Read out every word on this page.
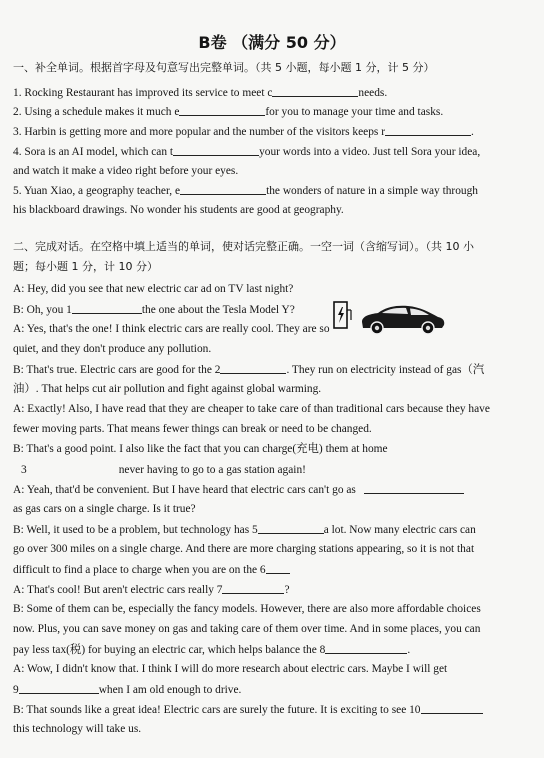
B卷 （满分 50 分）
一、补全单词。根据首字母及句意写出完整单词。（共 5 小题，每小题 1 分，计 5 分）
1. Rocking Restaurant has improved its service to meet c	needs.
2. Using a schedule makes it much e	for you to manage your time and tasks.
3. Harbin is getting more and more popular and the number of the visitors keeps r	.
4. Sora is an AI model, which can t	your words into a video. Just tell Sora your idea,
and watch it make a video right before your eyes.
5. Yuan Xiao, a geography teacher, e	the wonders of nature in a simple way through
his blackboard drawings. No wonder his students are good at geography.
二、完成对话。在空格中填上适当的单词，使对话完整正确。一空一词（含缩写词）。（共 10 小
题；每小题 1 分，计 10 分）
A: Hey, did you see that new electric car ad on TV last night?
B: Oh, you 1	the one about the Tesla Model Y?
A: Yes, that's the one! I think electric cars are really cool. They are so
quiet, and they don't produce any pollution.
B: That's true. Electric cars are good for the 2	. They run on electricity instead of gas（汽
油）. That helps cut air pollution and fight against global warming.
A: Exactly! Also, I have read that they are cheaper to take care of than traditional cars because they have
fewer moving parts. That means fewer things can break or need to be changed.
B: That's a good point. I also like the fact that you can charge(充电) them at home
3	never having to go to a gas station again!
A: Yeah, that'd be convenient. But I have heard that electric cars can't go as
as gas cars on a single charge. Is it true?
B: Well, it used to be a problem, but technology has 5	a lot. Now many electric cars can
go over 300 miles on a single charge. And there are more charging stations appearing, so it is not that
difficult to find a place to charge when you are on the 6
A: That's cool! But aren't electric cars really 7	?
B: Some of them can be, especially the fancy models. However, there are also more affordable choices
now. Plus, you can save money on gas and taking care of them over time. And in some places, you can
pay less tax(税) for buying an electric car, which helps balance the 8	.
A: Wow, I didn't know that. I think I will do more research about electric cars. Maybe I will get
9	when I am old enough to drive.
B: That sounds like a great idea! Electric cars are surely the future. It is exciting to see 10
this technology will take us.
